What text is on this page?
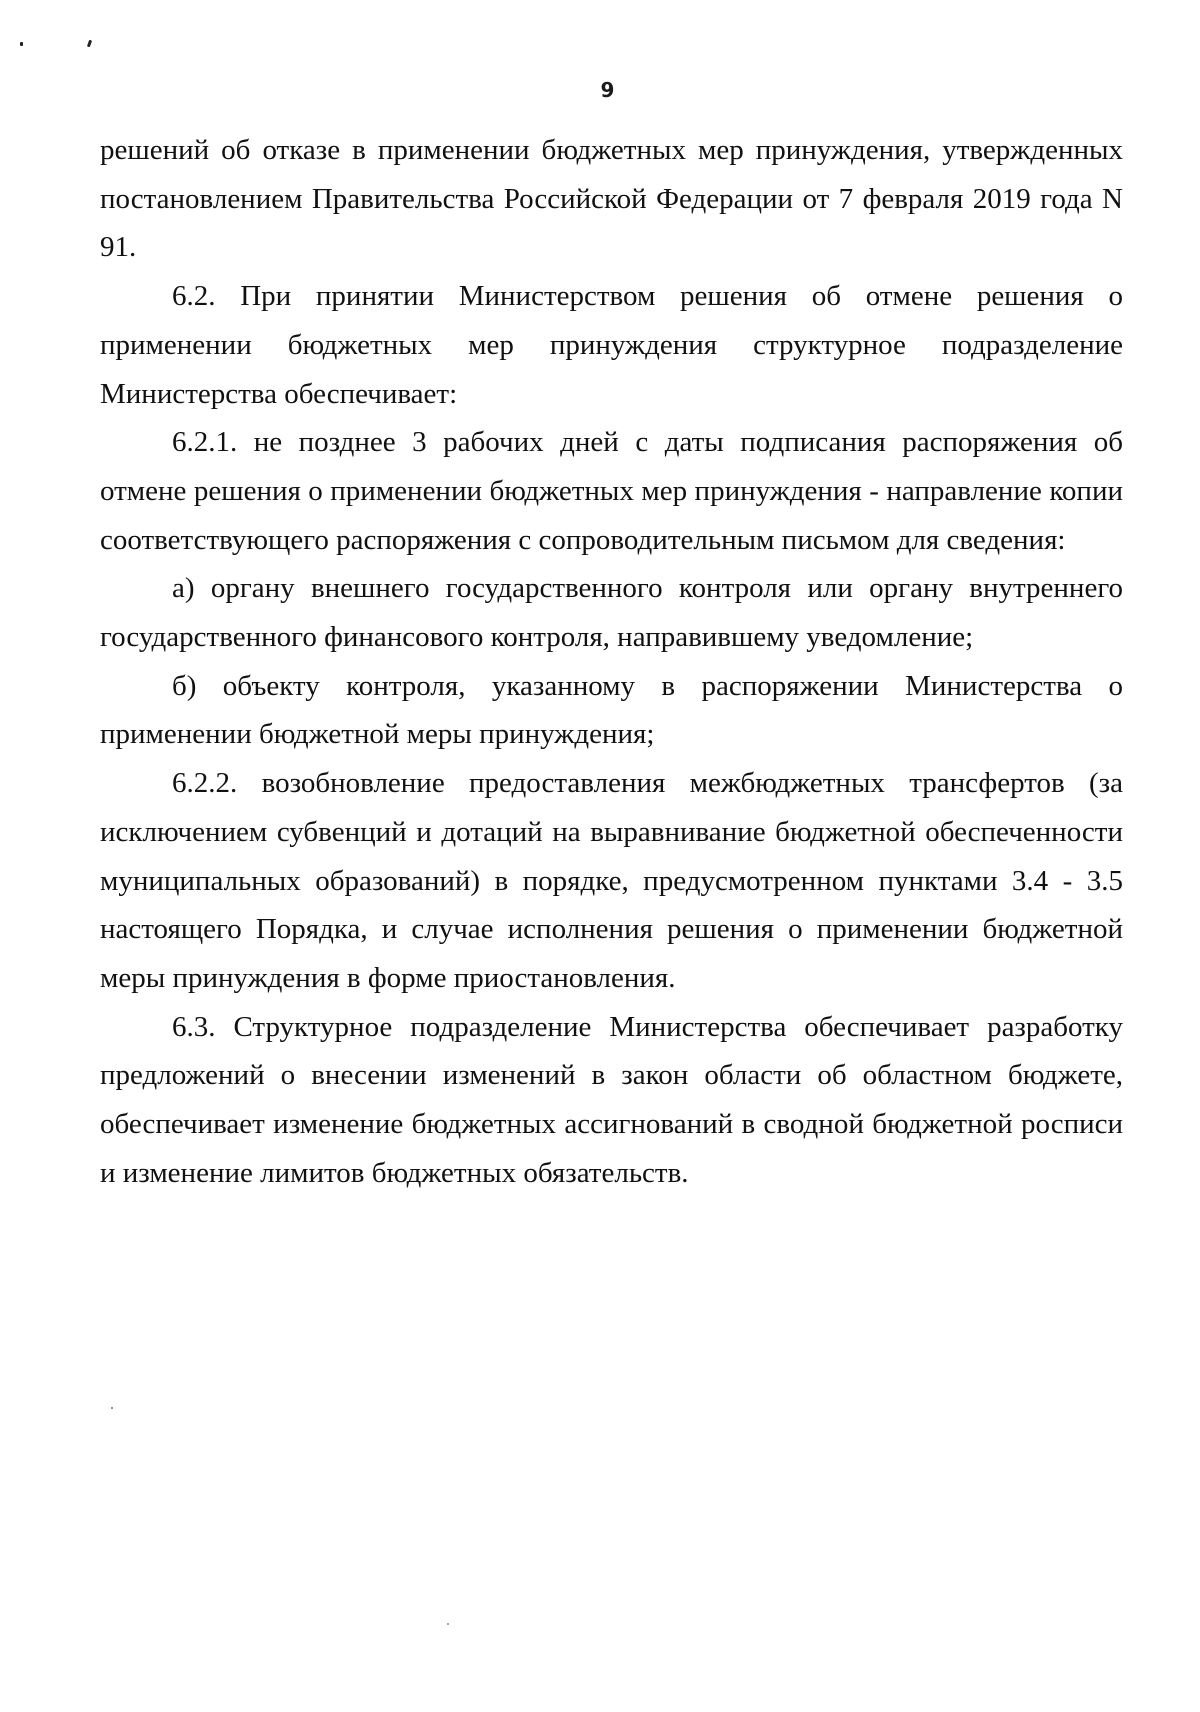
9

решений об отказе в применении бюджетных мер принуждения, утвержденных постановлением Правительства Российской Федерации от 7 февраля 2019 года N 91.

6.2. При принятии Министерством решения об отмене решения о применении бюджетных мер принуждения структурное подразделение Министерства обеспечивает:

6.2.1. не позднее 3 рабочих дней с даты подписания распоряжения об отмене решения о применении бюджетных мер принуждения - направление копии соответствующего распоряжения с сопроводительным письмом для сведения:

а) органу внешнего государственного контроля или органу внутреннего государственного финансового контроля, направившему уведомление;

б) объекту контроля, указанному в распоряжении Министерства о применении бюджетной меры принуждения;

6.2.2. возобновление предоставления межбюджетных трансфертов (за исключением субвенций и дотаций на выравнивание бюджетной обеспеченности муниципальных образований) в порядке, предусмотренном пунктами 3.4 - 3.5 настоящего Порядка, и случае исполнения решения о применении бюджетной меры принуждения в форме приостановления.

6.3. Структурное подразделение Министерства обеспечивает разработку предложений о внесении изменений в закон области об областном бюджете, обеспечивает изменение бюджетных ассигнований в сводной бюджетной росписи и изменение лимитов бюджетных обязательств.
